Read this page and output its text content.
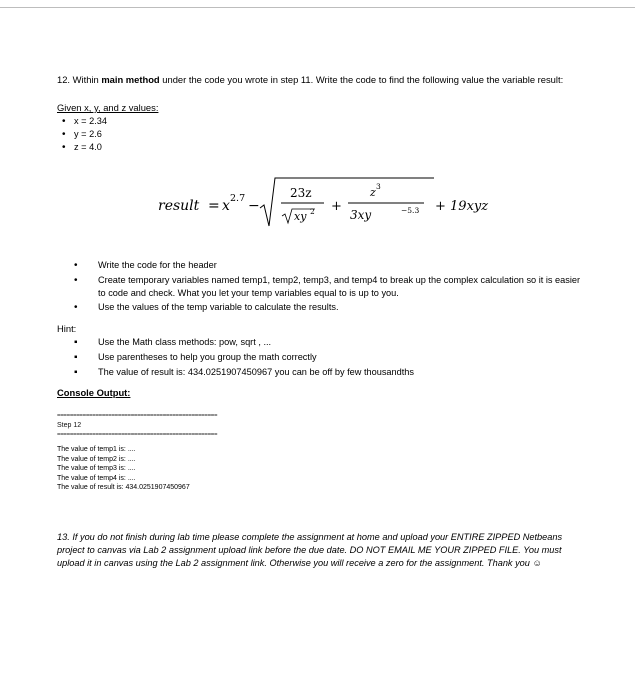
12. Within main method under the code you wrote in step 11. Write the code to find the following value the variable result:
Given x, y, and z values:
• x = 2.34
• y = 2.6
• z = 4.0
result = x 2.7 −
23z
xy 2 +
z 3
3xy	−5.3 + 19xyz
• Write the code for the header
• Create temporary variables named temp1, temp2, temp3, and temp4 to break up the complex calculation so it is easier to code and check. What you let your temp variables equal to is up to you.
• Use the values of the temp variable to calculate the results.
Hint:
▪ Use the Math class methods: pow, sqrt , ...
▪ Use parentheses to help you group the math correctly
▪ The value of result is: 434.0251907450967 you can be off by few thousandths
Console Output:
==================================================
Step 12
==================================================
The value of temp1 is: ....
The value of temp2 is: ....
The value of temp3 is: ....
The value of temp4 is: ....
The value of result is: 434.0251907450967
13. If you do not finish during lab time please complete the assignment at home and upload your ENTIRE ZIPPED Netbeans project to canvas via Lab 2 assignment upload link before the due date. DO NOT EMAIL ME YOUR ZIPPED FILE. You must upload it in canvas using the Lab 2 assignment link. Otherwise you will receive a zero for the assignment. Thank you ☺
